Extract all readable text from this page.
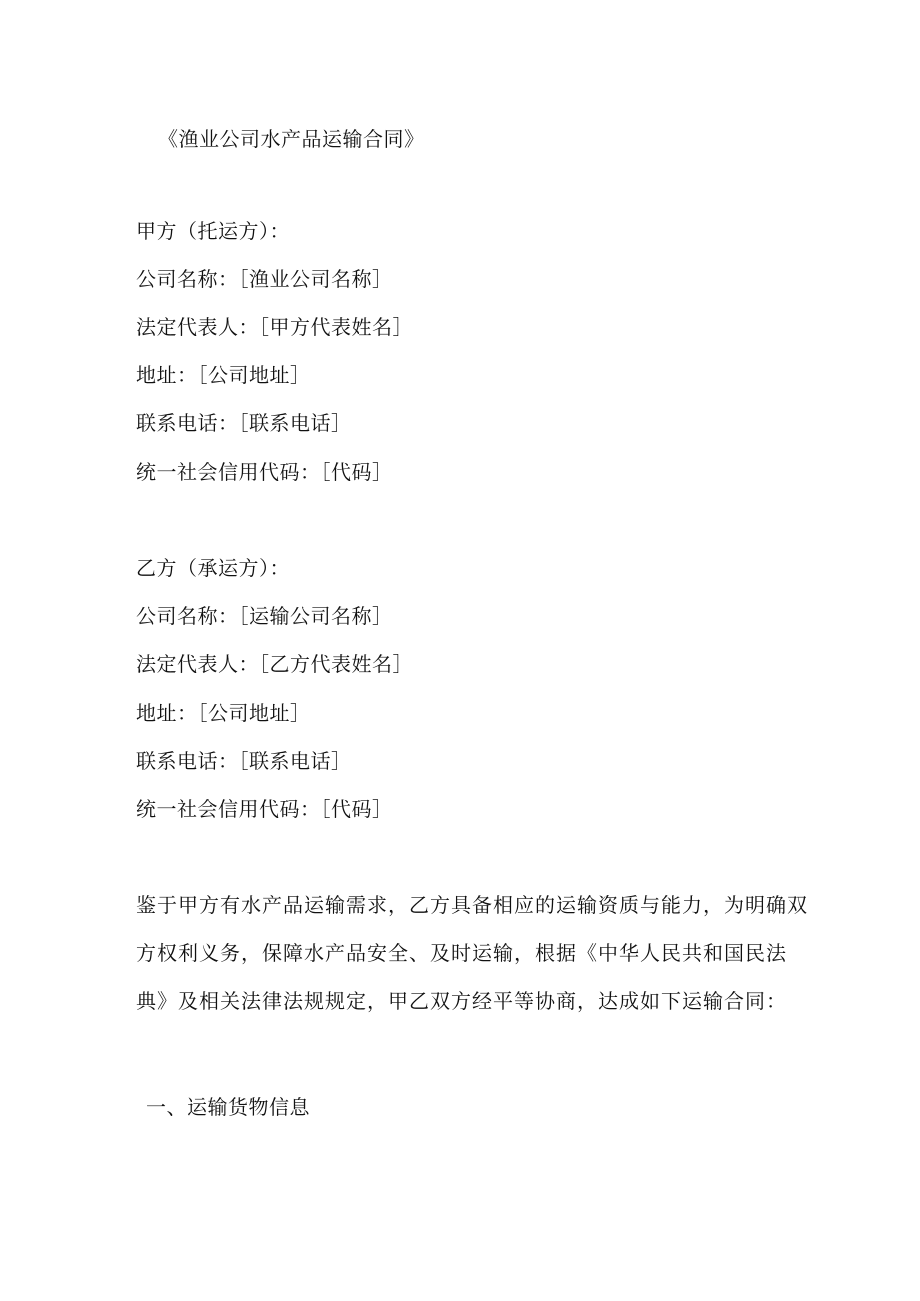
《渔业公司水产品运输合同》
甲方（托运方）：
公司名称：［渔业公司名称］
法定代表人：［甲方代表姓名］
地址：［公司地址］
联系电话：［联系电话］
统一社会信用代码：［代码］
乙方（承运方）：
公司名称：［运输公司名称］
法定代表人：［乙方代表姓名］
地址：［公司地址］
联系电话：［联系电话］
统一社会信用代码：［代码］
鉴于甲方有水产品运输需求，乙方具备相应的运输资质与能力，为明确双
方权利义务，保障水产品安全、及时运输，根据《中华人民共和国民法
典》及相关法律法规规定，甲乙双方经平等协商，达成如下运输合同：
一、运输货物信息
